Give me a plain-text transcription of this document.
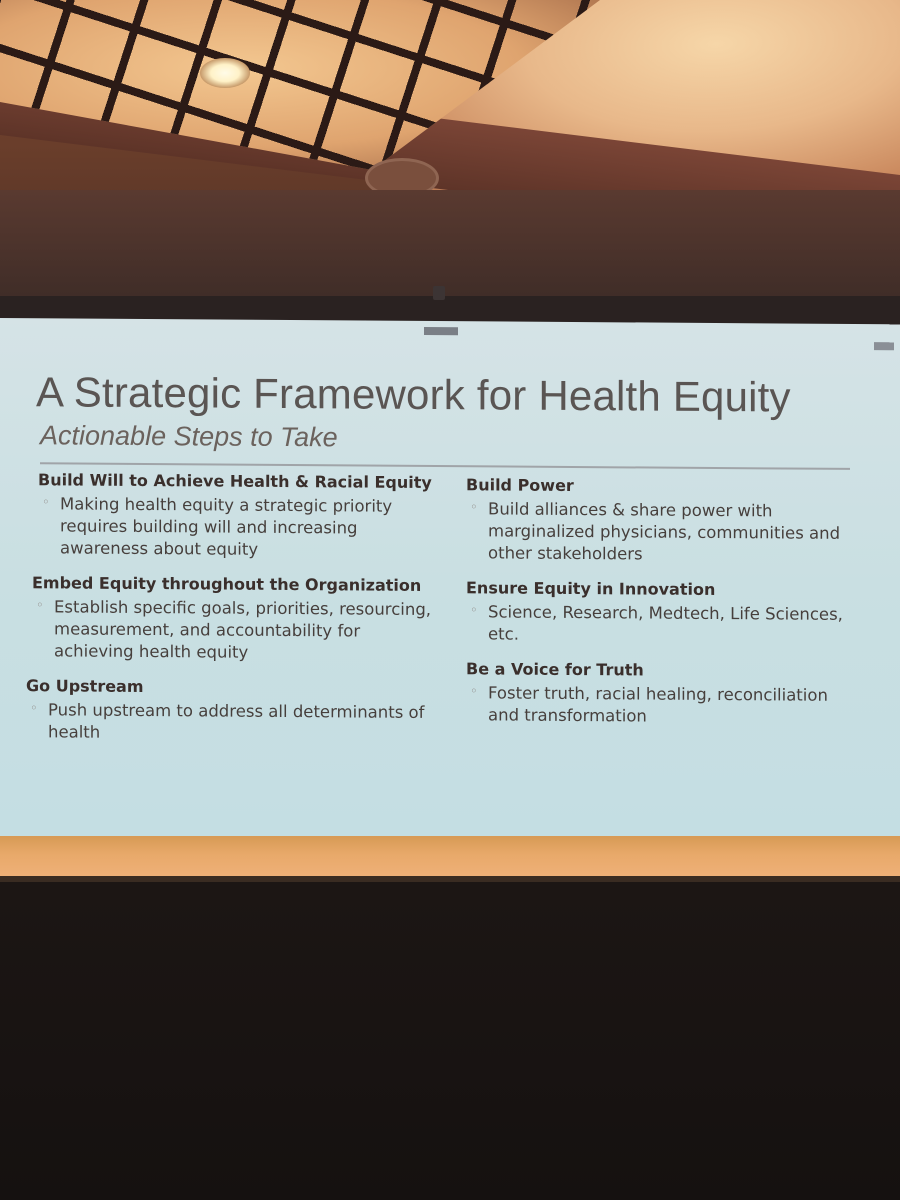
A Strategic Framework for Health Equity
Actionable Steps to Take
Build Will to Achieve Health & Racial Equity
◦ Making health equity a strategic priority requires building will and increasing awareness about equity
Embed Equity throughout the Organization
◦ Establish specific goals, priorities, resourcing, measurement, and accountability for achieving health equity
Go Upstream
◦ Push upstream to address all determinants of health
Build Power
◦ Build alliances & share power with marginalized physicians, communities and other stakeholders
Ensure Equity in Innovation
◦ Science, Research, Medtech, Life Sciences, etc.
Be a Voice for Truth
◦ Foster truth, racial healing, reconciliation and transformation
